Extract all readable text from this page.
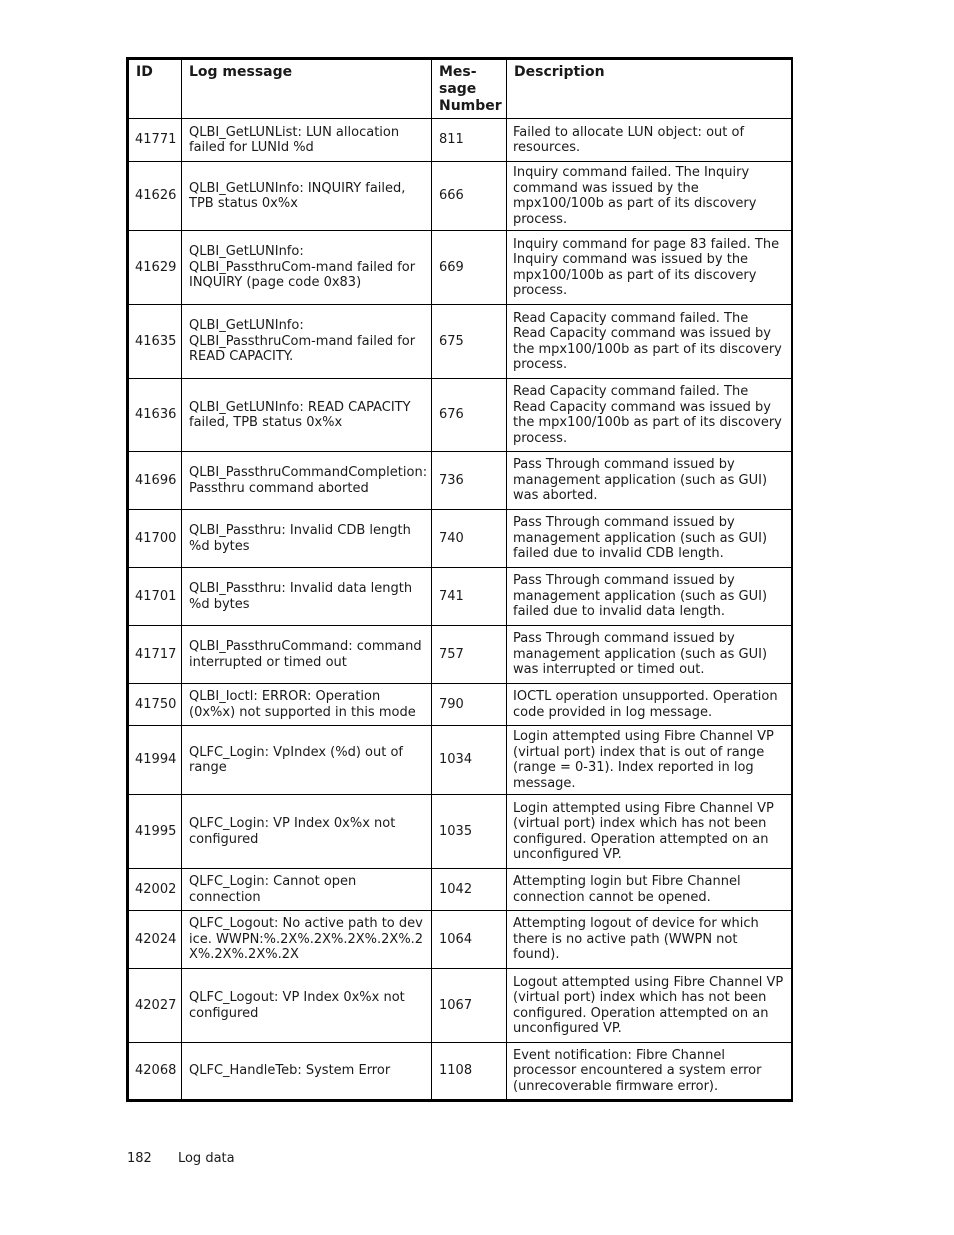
ID	Log message	Mes-
sage
Number	Description
41771	QLBI_GetLUNList: LUN allocation failed for LUNId %d	811	Failed to allocate LUN object: out of resources.
41626	QLBI_GetLUNInfo: INQUIRY failed, TPB status 0x%x	666	Inquiry command failed. The Inquiry command was issued by the mpx100/100b as part of its discovery process.
41629	QLBI_GetLUNInfo: QLBI_PassthruCom-mand failed for INQUIRY (page code 0x83)	669	Inquiry command for page 83 failed. The Inquiry command was issued by the mpx100/100b as part of its discovery process.
41635	QLBI_GetLUNInfo: QLBI_PassthruCom-mand failed for READ CAPACITY.	675	Read Capacity command failed. The Read Capacity command was issued by the mpx100/100b as part of its discovery process.
41636	QLBI_GetLUNInfo: READ CAPACITY failed, TPB status 0x%x	676	Read Capacity command failed. The Read Capacity command was issued by the mpx100/100b as part of its discovery process.
41696	QLBI_PassthruCommandCompletion: Passthru command aborted	736	Pass Through command issued by management application (such as GUI) was aborted.
41700	QLBI_Passthru: Invalid CDB length %d bytes	740	Pass Through command issued by management application (such as GUI) failed due to invalid CDB length.
41701	QLBI_Passthru: Invalid data length %d bytes	741	Pass Through command issued by management application (such as GUI) failed due to invalid data length.
41717	QLBI_PassthruCommand: command interrupted or timed out	757	Pass Through command issued by management application (such as GUI) was interrupted or timed out.
41750	QLBI_Ioctl: ERROR: Operation (0x%x) not supported in this mode	790	IOCTL operation unsupported. Operation code provided in log message.
41994	QLFC_Login: VpIndex (%d) out of range	1034	Login attempted using Fibre Channel VP (virtual port) index that is out of range (range = 0-31). Index reported in log message.
41995	QLFC_Login: VP Index 0x%x not configured	1035	Login attempted using Fibre Channel VP (virtual port) index which has not been configured. Operation attempted on an unconfigured VP.
42002	QLFC_Login: Cannot open connection	1042	Attempting login but Fibre Channel connection cannot be opened.
42024	QLFC_Logout: No active path to device. WWPN:%.2X%.2X%.2X%.2X%.2X%.2X%.2X%.2X	1064	Attempting logout of device for which there is no active path (WWPN not found).
42027	QLFC_Logout: VP Index 0x%x not configured	1067	Logout attempted using Fibre Channel VP (virtual port) index which has not been configured. Operation attempted on an unconfigured VP.
42068	QLFC_HandleTeb: System Error	1108	Event notification: Fibre Channel processor encountered a system error (unrecoverable firmware error).
182 Log data
